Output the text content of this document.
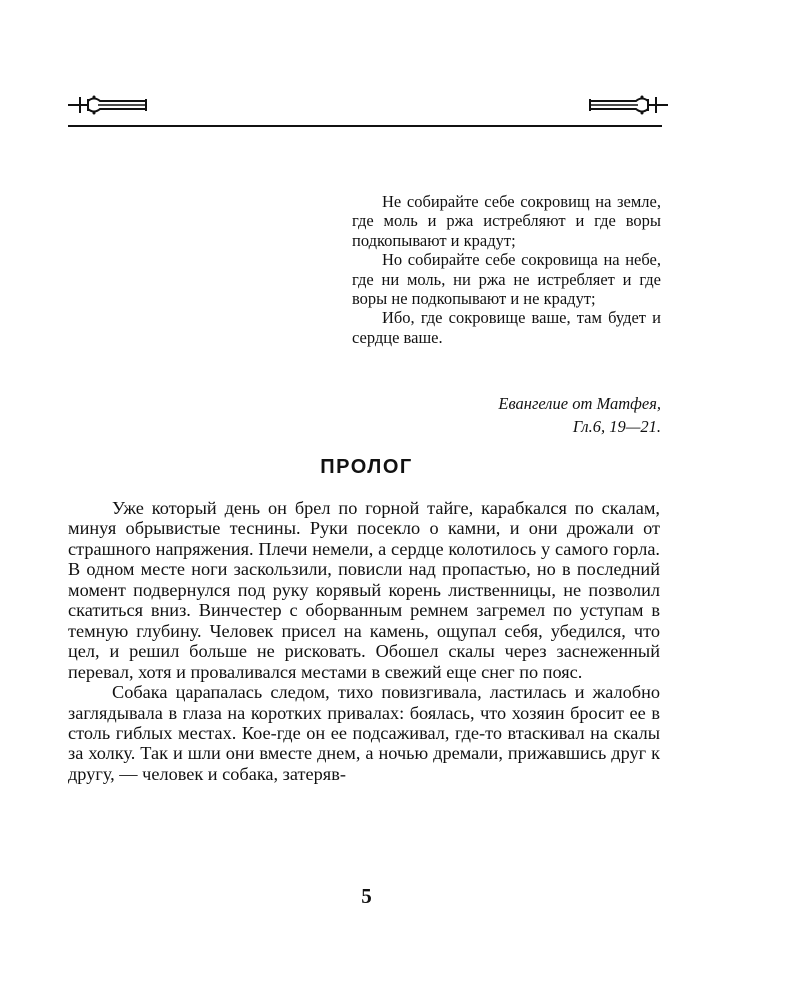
Не собирайте себе сокровищ на земле, где моль и ржа истребляют и где воры подкопывают и крадут;

Но собирайте себе сокровища на небе, где ни моль, ни ржа не истребляет и где воры не подкопывают и не крадут;

Ибо, где сокровище ваше, там будет и сердце ваше.

Евангелие от Матфея,
Гл.6, 19—21.
ПРОЛОГ

Уже который день он брел по горной тайге, карабкался по скалам, минуя обрывистые теснины. Руки посекло о камни, и они дрожали от страшного напряжения. Плечи немели, а сердце колотилось у самого горла. В одном месте ноги заскользили, повисли над пропастью, но в последний момент подвернулся под руку корявый корень лиственницы, не позволил скатиться вниз. Винчестер с оборванным ремнем загремел по уступам в темную глубину. Человек присел на камень, ощупал себя, убедился, что цел, и решил больше не рисковать. Обошел скалы через заснеженный перевал, хотя и проваливался местами в свежий еще снег по пояс.

Собака царапалась следом, тихо повизгивала, ластилась и жалобно заглядывала в глаза на коротких привалах: боялась, что хозяин бросит ее в столь гиблых местах. Кое-где он ее подсаживал, где-то втаскивал на скалы за холку. Так и шли они вместе днем, а ночью дремали, прижавшись друг к другу, — человек и собака, затеряв-

5
